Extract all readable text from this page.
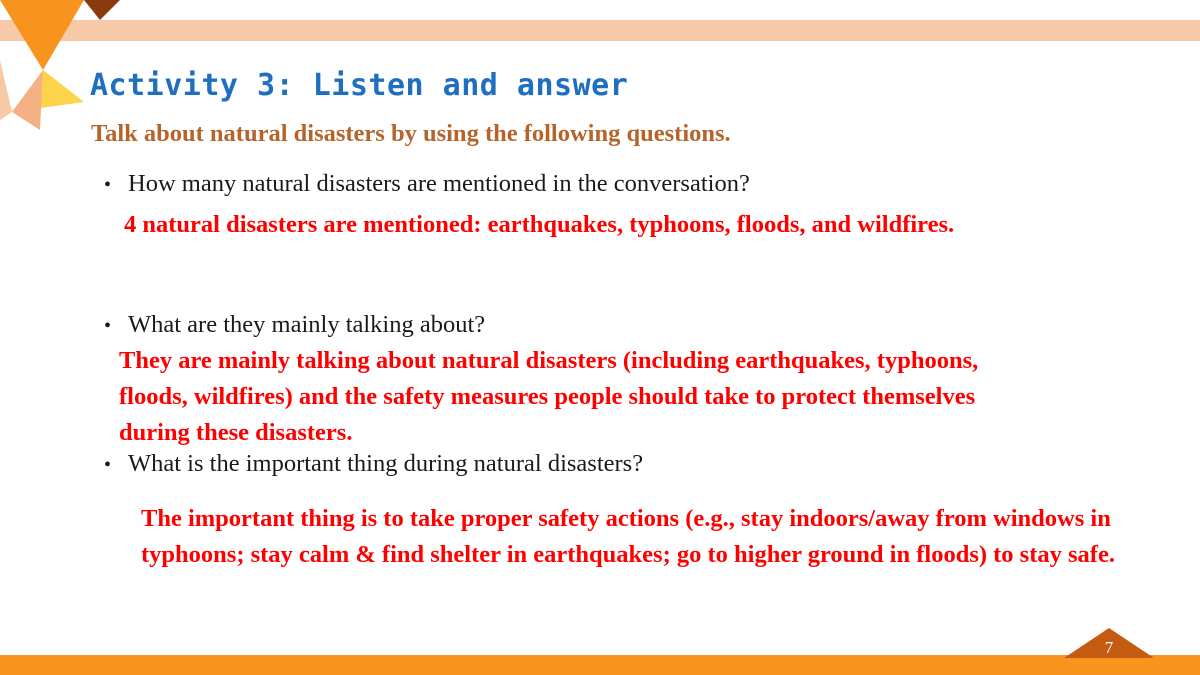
7
Activity 3: Listen and answer

Talk about natural disasters by using the following questions.

• How many natural disasters are mentioned in the conversation?

4 natural disasters are mentioned: earthquakes, typhoons, floods, and wildfires.

• What are they mainly talking about?

They are mainly talking about natural disasters (including earthquakes, typhoons, floods, wildfires) and the safety measures people should take to protect themselves during these disasters.

• What is the important thing during natural disasters?

The important thing is to take proper safety actions (e.g., stay indoors/away from windows in typhoons; stay calm & find shelter in earthquakes; go to higher ground in floods) to stay safe.
